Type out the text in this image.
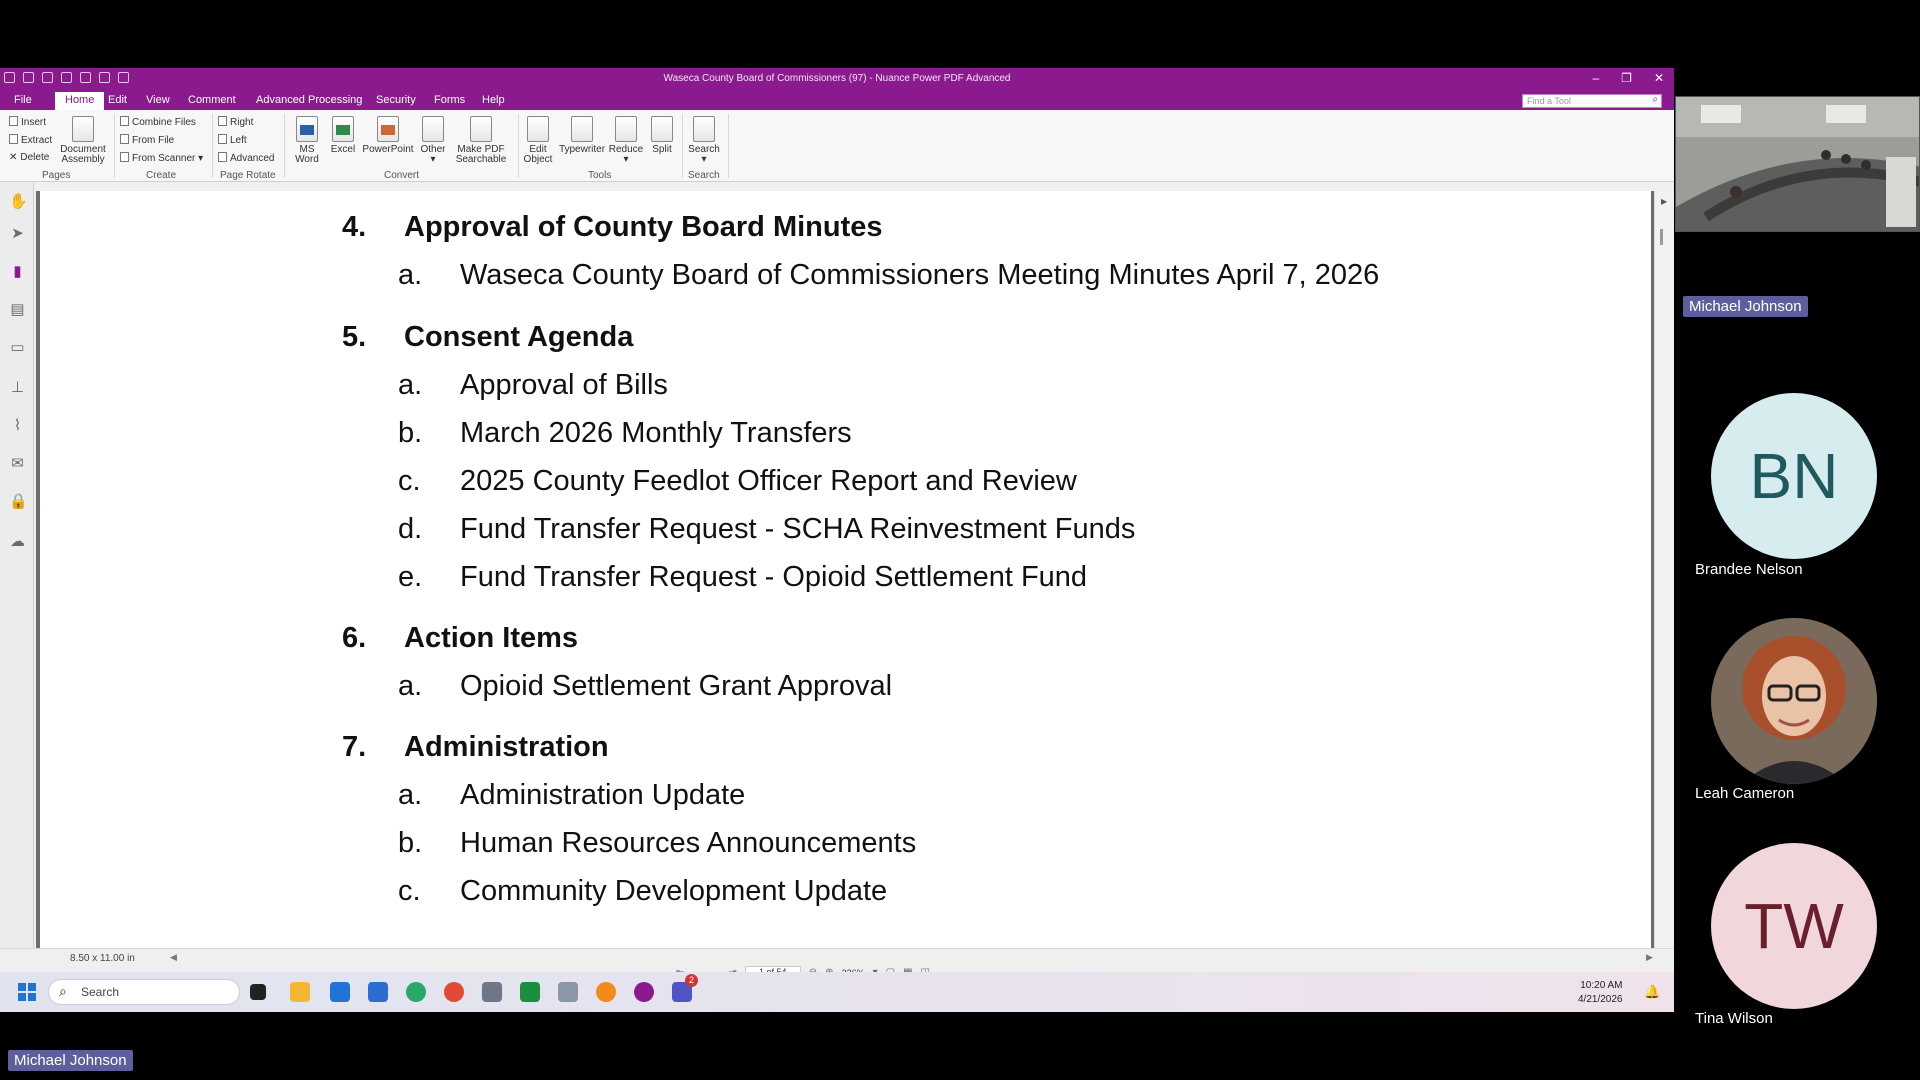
Waseca County Board of Commissioners (97) - Nuance Power PDF Advanced	– ❐ ✕
File	Home	Edit View Comment Advanced Processing Security Forms Help	Find a Tool	⌕
Insert
Extract
✕ Delete
Document
Assembly
Pages
Combine Files
From File
From Scanner ▾
Create
Right
Left
Advanced
Page Rotate
MS
Word
Excel PowerPoint Other
▾
Make PDF
Searchable
Convert
Edit
Object
Typewriter Reduce
▾
Split
Tools
Search
▾
Search
✋
➤
▮
▤
▭
⊥
⌇
✉
🔒
☁
4. Approval of County Board Minutes
a. Waseca County Board of Commissioners Meeting Minutes April 7, 2026
5. Consent Agenda
a. Approval of Bills
b. March 2026 Monthly Transfers
c. 2025 County Feedlot Officer Report and Review
d. Fund Transfer Request - SCHA Reinvestment Funds
e. Fund Transfer Request - Opioid Settlement Fund
6. Action Items
a. Opioid Settlement Grant Approval
7. Administration
a. Administration Update
b. Human Resources Announcements
c. Community Development Update
▶
8.50 x 11.00 in	◀	▶
⌕ Search
2	10:20 AM
4/21/2026
🔔
Michael Johnson
BN
Brandee Nelson
Leah Cameron
TW
Tina Wilson
Michael Johnson
